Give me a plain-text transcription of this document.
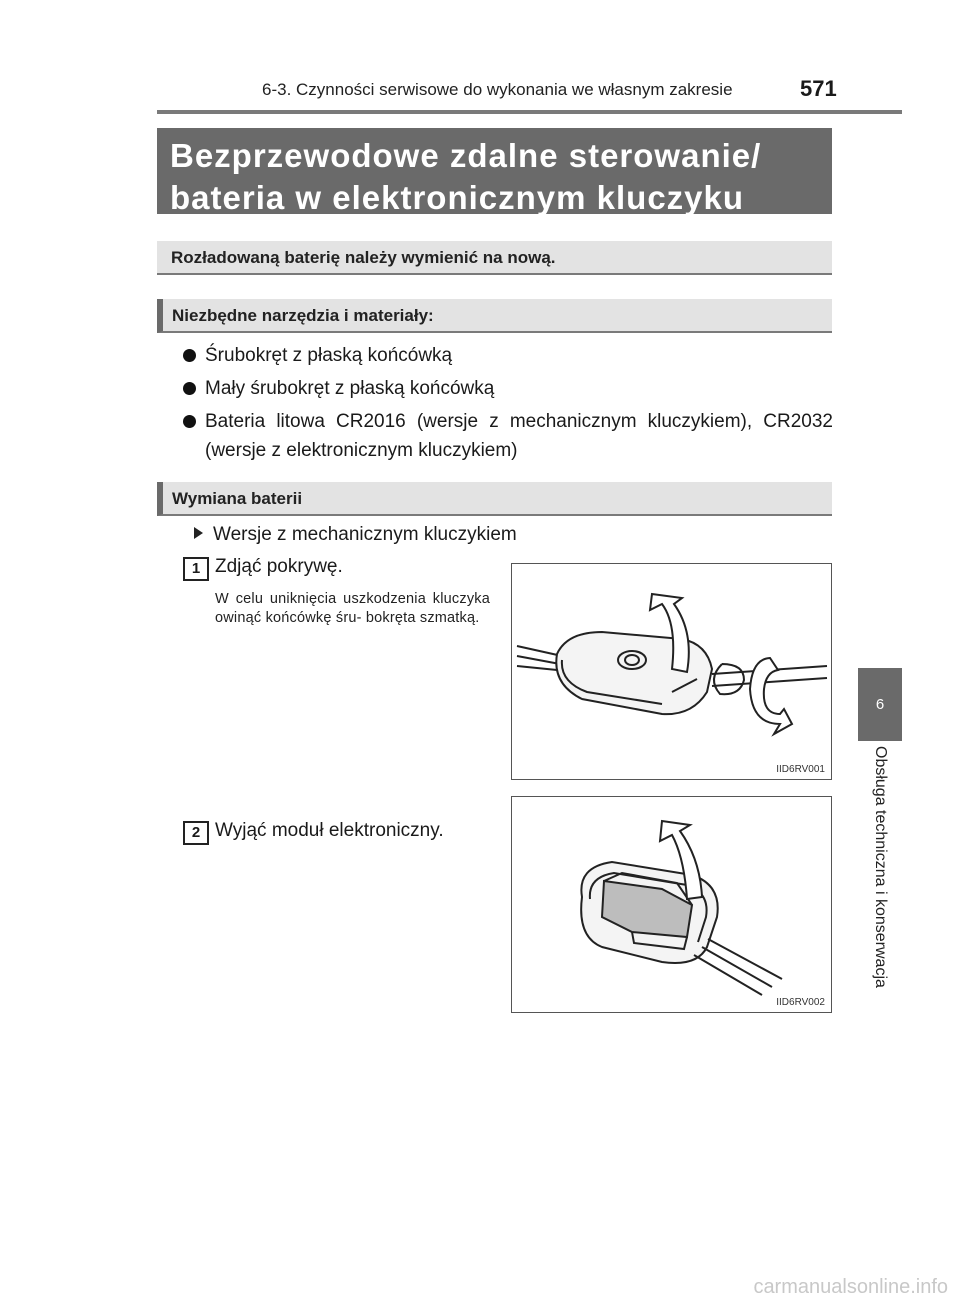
6-3. Czynności serwisowe do wykonania we własnym zakresie	571
Bezprzewodowe zdalne sterowanie/
bateria w elektronicznym kluczyku
Rozładowaną baterię należy wymienić na nową.
Niezbędne narzędzia i materiały:
Śrubokręt z płaską końcówką
Mały śrubokręt z płaską końcówką
Bateria litowa CR2016 (wersje z mechanicznym kluczykiem), CR2032 (wersje z elektronicznym kluczykiem)
Wymiana baterii
Wersje z mechanicznym kluczykiem
1 Zdjąć pokrywę.
W celu uniknięcia uszkodzenia kluczyka owinąć końcówkę śru- bokręta szmatką.
IID6RV001
2 Wyjąć moduł elektroniczny.
IID6RV002
6
Obsługa techniczna i konserwacja
carmanualsonline.info
